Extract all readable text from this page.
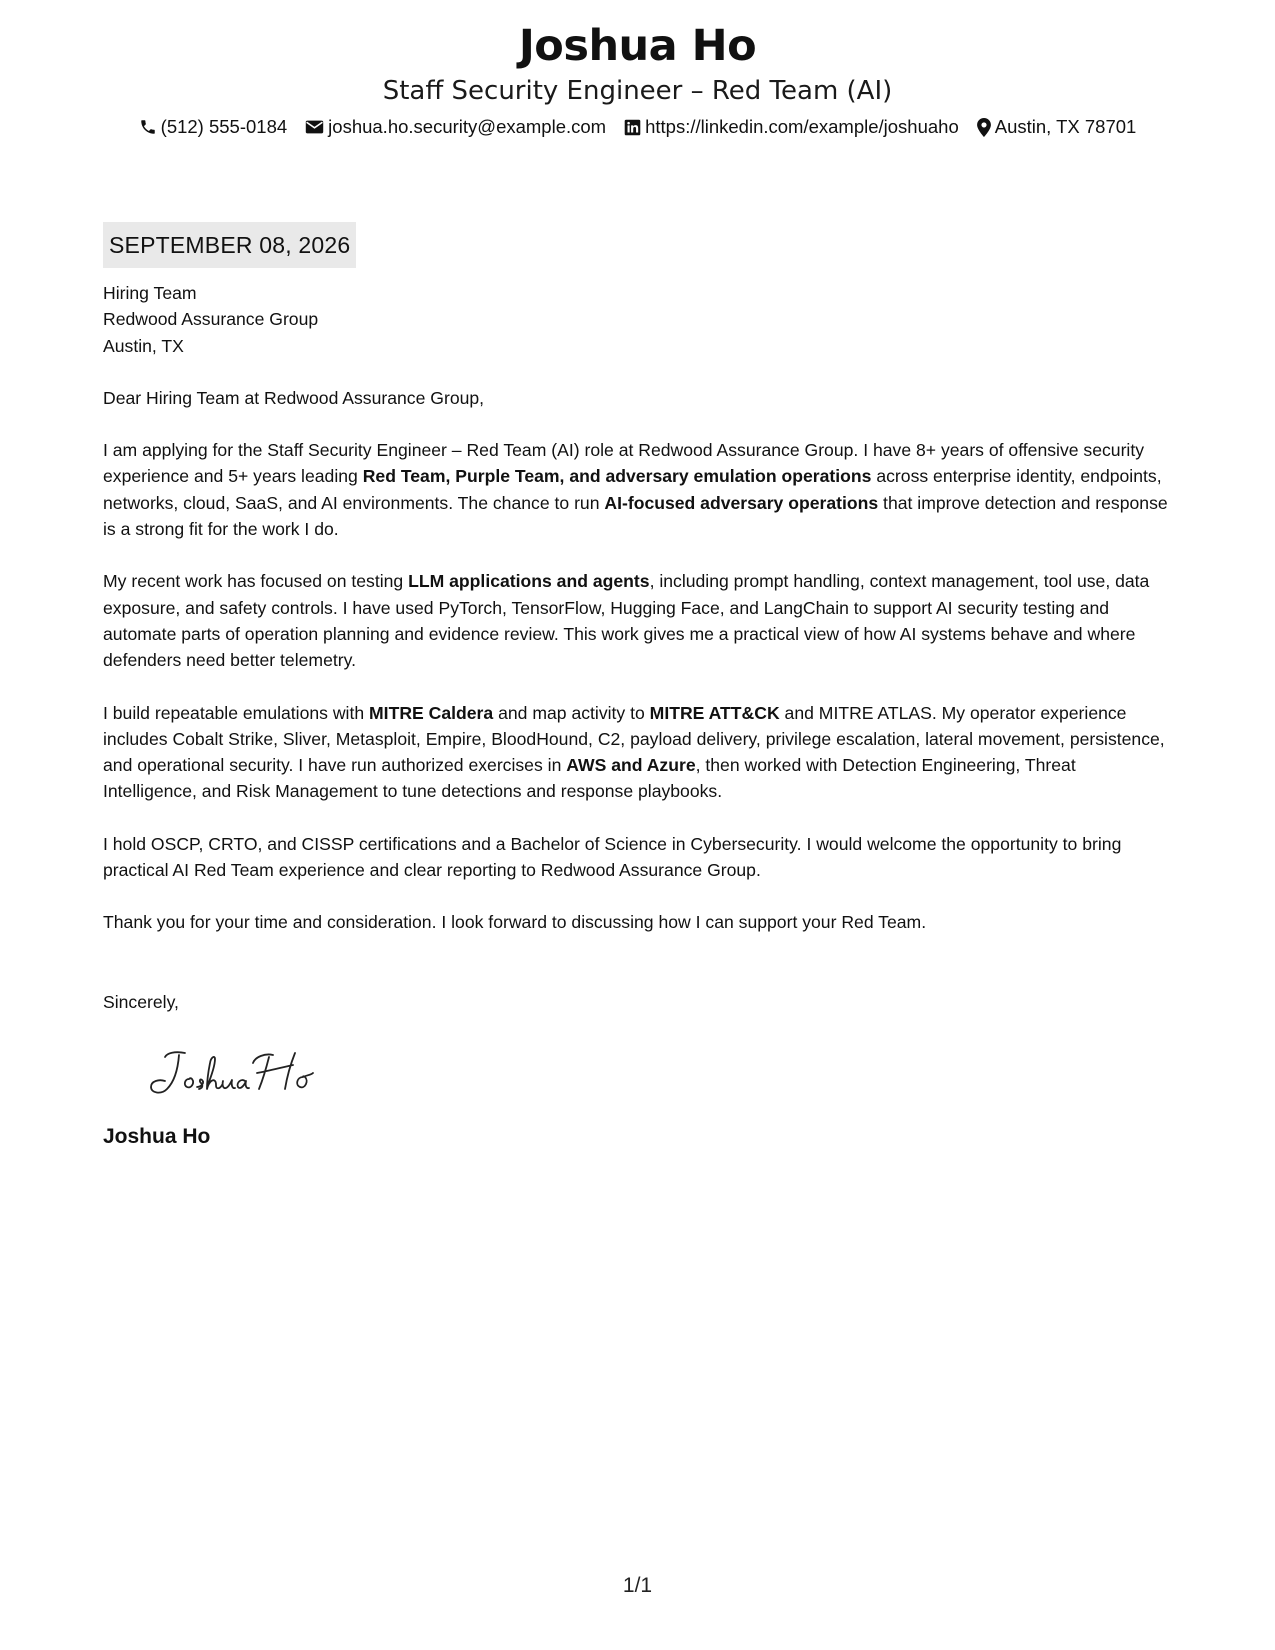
Joshua Ho
Staff Security Engineer – Red Team (AI)
(512) 555-0184 joshua.ho.security@example.com https://linkedin.com/example/joshuaho Austin, TX 78701
SEPTEMBER 08, 2026
Hiring Team
Redwood Assurance Group
Austin, TX
Dear Hiring Team at Redwood Assurance Group,
I am applying for the Staff Security Engineer – Red Team (AI) role at Redwood Assurance Group. I have 8+ years of offensive security experience and 5+ years leading Red Team, Purple Team, and adversary emulation operations across enterprise identity, endpoints, networks, cloud, SaaS, and AI environments. The chance to run AI-focused adversary operations that improve detection and response is a strong fit for the work I do.
My recent work has focused on testing LLM applications and agents, including prompt handling, context management, tool use, data exposure, and safety controls. I have used PyTorch, TensorFlow, Hugging Face, and LangChain to support AI security testing and automate parts of operation planning and evidence review. This work gives me a practical view of how AI systems behave and where defenders need better telemetry.
I build repeatable emulations with MITRE Caldera and map activity to MITRE ATT&CK and MITRE ATLAS. My operator experience includes Cobalt Strike, Sliver, Metasploit, Empire, BloodHound, C2, payload delivery, privilege escalation, lateral movement, persistence, and operational security. I have run authorized exercises in AWS and Azure, then worked with Detection Engineering, Threat Intelligence, and Risk Management to tune detections and response playbooks.
I hold OSCP, CRTO, and CISSP certifications and a Bachelor of Science in Cybersecurity. I would welcome the opportunity to bring practical AI Red Team experience and clear reporting to Redwood Assurance Group.
Thank you for your time and consideration. I look forward to discussing how I can support your Red Team.
Sincerely,
Joshua Ho
1/1
